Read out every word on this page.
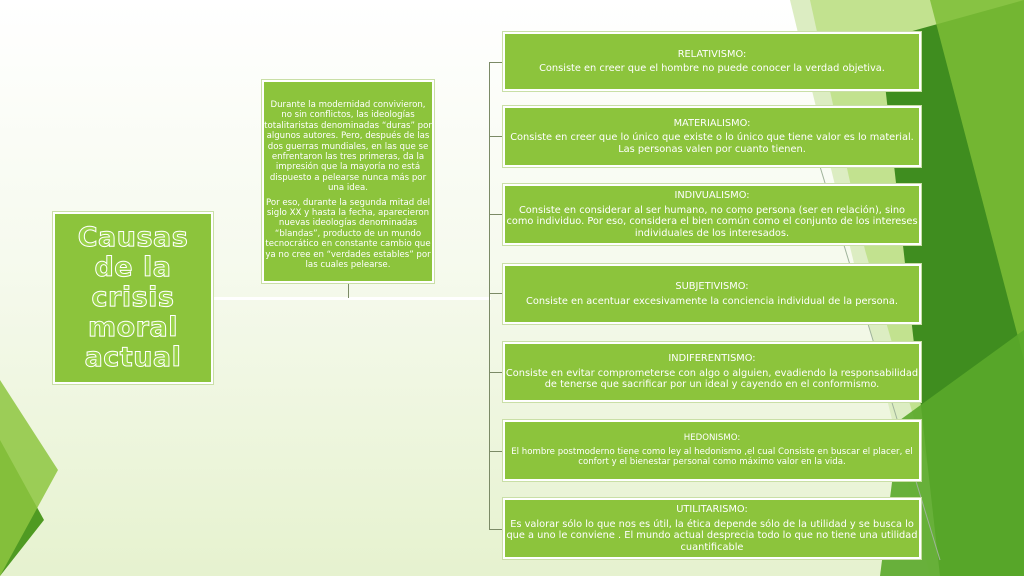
Causas de la crisis moral actual

Durante la modernidad convivieron, no sin conflictos, las ideologías totalitaristas denominadas “duras” por algunos autores. Pero, después de las dos guerras mundiales, en las que se enfrentaron las tres primeras, da la impresión que la mayoría no está dispuesto a pelearse nunca más por una idea.

Por eso, durante la segunda mitad del siglo XX y hasta la fecha, aparecieron nuevas ideologías denominadas “blandas”, producto de un mundo tecnocrático en constante cambio que ya no cree en “verdades estables” por las cuales pelearse.

RELATIVISMO:
Consiste en creer que el hombre no puede conocer la verdad objetiva.
MATERIALISMO:
Consiste en creer que lo único que existe o lo único que tiene valor es lo material. Las personas valen por cuanto tienen.
INDIVUALISMO:
Consiste en considerar al ser humano, no como persona (ser en relación), sino como individuo. Por eso, considera el bien común como el conjunto de los intereses individuales de los interesados.
SUBJETIVISMO:
Consiste en acentuar excesivamente la conciencia individual de la persona.
INDIFERENTISMO:
Consiste en evitar comprometerse con algo o alguien, evadiendo la responsabilidad de tenerse que sacrificar por un ideal y cayendo en el conformismo.
HEDONISMO:
El hombre postmoderno tiene como ley al hedonismo ,el cual Consiste en buscar el placer, el confort y el bienestar personal como máximo valor en la vida.
UTILITARISMO:
Es valorar sólo lo que nos es útil, la ética depende sólo de la utilidad y se busca lo que a uno le conviene . El mundo actual desprecia todo lo que no tiene una utilidad cuantificable
